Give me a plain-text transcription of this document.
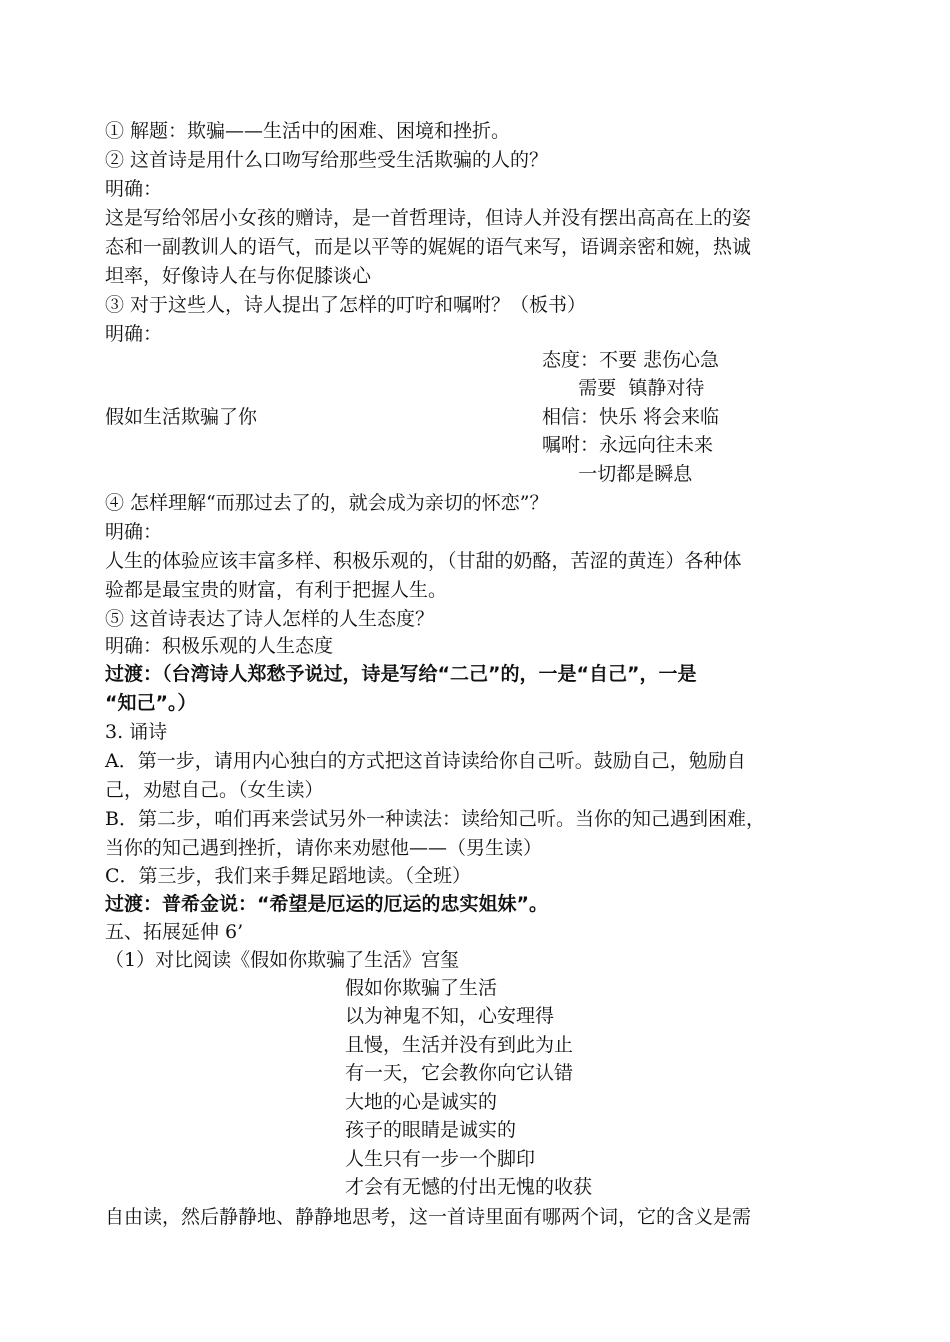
① 解题：欺骗——生活中的困难、困境和挫折。
② 这首诗是用什么口吻写给那些受生活欺骗的人的？
明确：
这是写给邻居小女孩的赠诗，是一首哲理诗，但诗人并没有摆出高高在上的姿
态和一副教训人的语气，而是以平等的娓娓的语气来写，语调亲密和婉，热诚
坦率，好像诗人在与你促膝谈心
③ 对于这些人，诗人提出了怎样的叮咛和嘱咐？（板书）
明确：
假如生活欺骗了你
态度：不要 悲伤心急
需要  镇静对待
相信：快乐 将会来临
嘱咐：永远向往未来
一切都是瞬息
④ 怎样理解“而那过去了的，就会成为亲切的怀恋”？
明确：
人生的体验应该丰富多样、积极乐观的，（甘甜的奶酪，苦涩的黄连）各种体
验都是最宝贵的财富，有利于把握人生。
⑤ 这首诗表达了诗人怎样的人生态度？
明确：积极乐观的人生态度
过渡：（台湾诗人郑愁予说过，诗是写给“二己”的，一是“自己”，一是
“知己”。）
3. 诵诗
A．第一步，请用内心独白的方式把这首诗读给你自己听。鼓励自己，勉励自
己，劝慰自己。（女生读）
B．第二步，咱们再来尝试另外一种读法：读给知己听。当你的知己遇到困难，
当你的知己遇到挫折，请你来劝慰他——（男生读）
C．第三步，我们来手舞足蹈地读。（全班）
过渡：普希金说：“希望是厄运的厄运的忠实姐妹”。
五、拓展延伸 6’
（1）对比阅读《假如你欺骗了生活》宫玺
假如你欺骗了生活
以为神鬼不知，心安理得
且慢，生活并没有到此为止
有一天，它会教你向它认错
大地的心是诚实的
孩子的眼睛是诚实的
人生只有一步一个脚印
才会有无憾的付出无愧的收获
自由读，然后静静地、静静地思考，这一首诗里面有哪两个词，它的含义是需
